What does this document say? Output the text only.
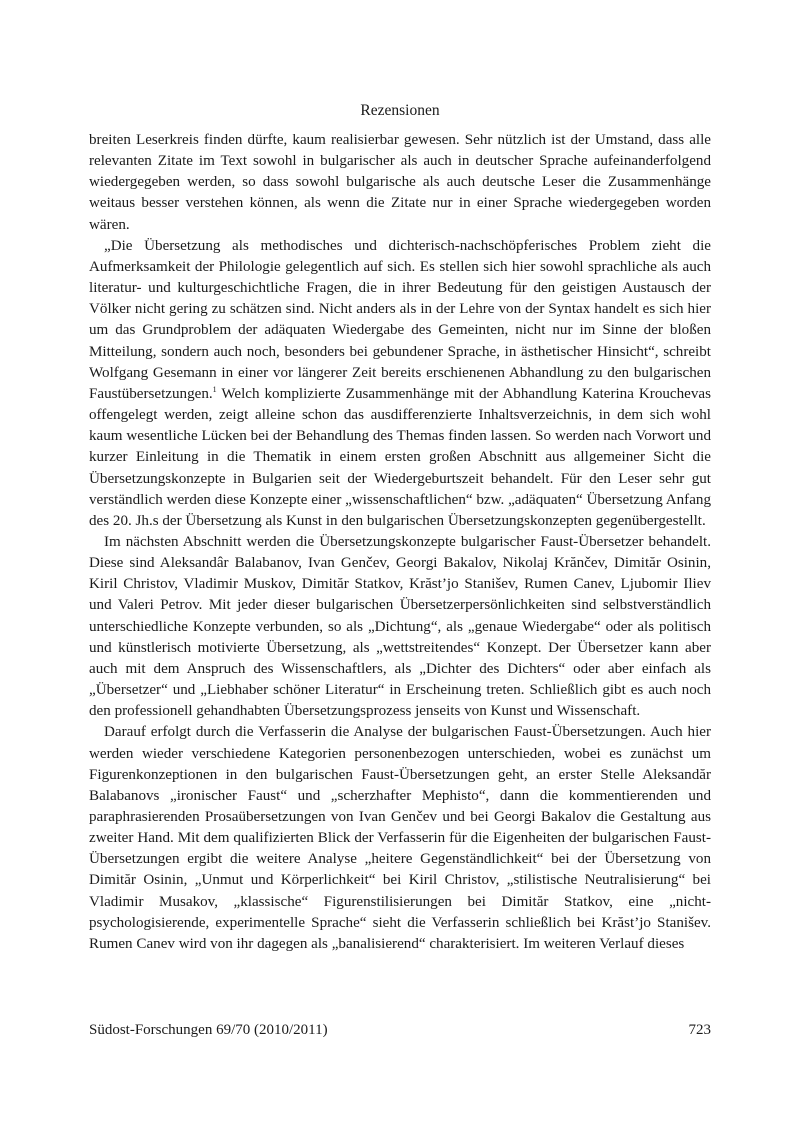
Rezensionen

breiten Leserkreis finden dürfte, kaum realisierbar gewesen. Sehr nützlich ist der Umstand, dass alle relevanten Zitate im Text sowohl in bulgarischer als auch in deutscher Sprache aufeinanderfolgend wiedergegeben werden, so dass sowohl bulgarische als auch deutsche Leser die Zusammenhänge weitaus besser verstehen können, als wenn die Zitate nur in einer Sprache wiedergegeben worden wären.

„Die Übersetzung als methodisches und dichterisch-nachschöpferisches Problem zieht die Aufmerksamkeit der Philologie gelegentlich auf sich. Es stellen sich hier sowohl sprachliche als auch literatur- und kulturgeschichtliche Fragen, die in ihrer Bedeutung für den geistigen Austausch der Völker nicht gering zu schätzen sind. Nicht anders als in der Lehre von der Syntax handelt es sich hier um das Grundproblem der adäquaten Wiedergabe des Gemeinten, nicht nur im Sinne der bloßen Mitteilung, sondern auch noch, besonders bei gebundener Sprache, in ästhetischer Hinsicht“, schreibt Wolfgang Gesemann in einer vor längerer Zeit bereits erschienenen Abhandlung zu den bulgarischen Faustübersetzungen.$^1$ Welch komplizierte Zusammenhänge mit der Abhandlung Katerina Krouchevas offengelegt werden, zeigt alleine schon das ausdifferenzierte Inhaltsverzeichnis, in dem sich wohl kaum wesentliche Lücken bei der Behandlung des Themas finden lassen. So werden nach Vorwort und kurzer Einleitung in die Thematik in einem ersten großen Abschnitt aus allgemeiner Sicht die Übersetzungskonzepte in Bulgarien seit der Wiedergeburtszeit behandelt. Für den Leser sehr gut verständlich werden diese Konzepte einer „wissenschaftlichen“ bzw. „adäquaten“ Übersetzung Anfang des 20. Jh.s der Übersetzung als Kunst in den bulgarischen Übersetzungskonzepten gegenübergestellt.

Im nächsten Abschnitt werden die Übersetzungskonzepte bulgarischer Faust-Übersetzer behandelt. Diese sind Aleksandâr Balabanov, Ivan Genčev, Georgi Bakalov, Nikolaj Krănčev, Dimităr Osinin, Kiril Christov, Vladimir Muskov, Dimităr Statkov, Krăst’jo Stanišev, Rumen Canev, Ljubomir Iliev und Valeri Petrov. Mit jeder dieser bulgarischen Übersetzerpersönlichkeiten sind selbstverständlich unterschiedliche Konzepte verbunden, so als „Dichtung“, als „genaue Wiedergabe“ oder als politisch und künstlerisch motivierte Übersetzung, als „wettstreitendes“ Konzept. Der Übersetzer kann aber auch mit dem Anspruch des Wissenschaftlers, als „Dichter des Dichters“ oder aber einfach als „Übersetzer“ und „Liebhaber schöner Literatur“ in Erscheinung treten. Schließlich gibt es auch noch den professionell gehandhabten Übersetzungsprozess jenseits von Kunst und Wissenschaft.

Darauf erfolgt durch die Verfasserin die Analyse der bulgarischen Faust-Übersetzungen. Auch hier werden wieder verschiedene Kategorien personenbezogen unterschieden, wobei es zunächst um Figurenkonzeptionen in den bulgarischen Faust-Übersetzungen geht, an erster Stelle Aleksandăr Balabanovs „ironischer Faust“ und „scherzhafter Mephisto“, dann die kommentierenden und paraphrasierenden Prosaübersetzungen von Ivan Genčev und bei Georgi Bakalov die Gestaltung aus zweiter Hand. Mit dem qualifizierten Blick der Verfasserin für die Eigenheiten der bulgarischen Faust-Übersetzungen ergibt die weitere Analyse „heitere Gegenständlichkeit“ bei der Übersetzung von Dimităr Osinin, „Unmut und Körperlichkeit“ bei Kiril Christov, „stilistische Neutralisierung“ bei Vladimir Musakov, „klassische“ Figurenstilisierungen bei Dimităr Statkov, eine „nicht-psychologisierende, experimentelle Sprache“ sieht die Verfasserin schließlich bei Krăst’jo Stanišev. Rumen Canev wird von ihr dagegen als „banalisierend“ charakterisiert. Im weiteren Verlauf dieses

Südost-Forschungen 69/70 (2010/2011)	723
